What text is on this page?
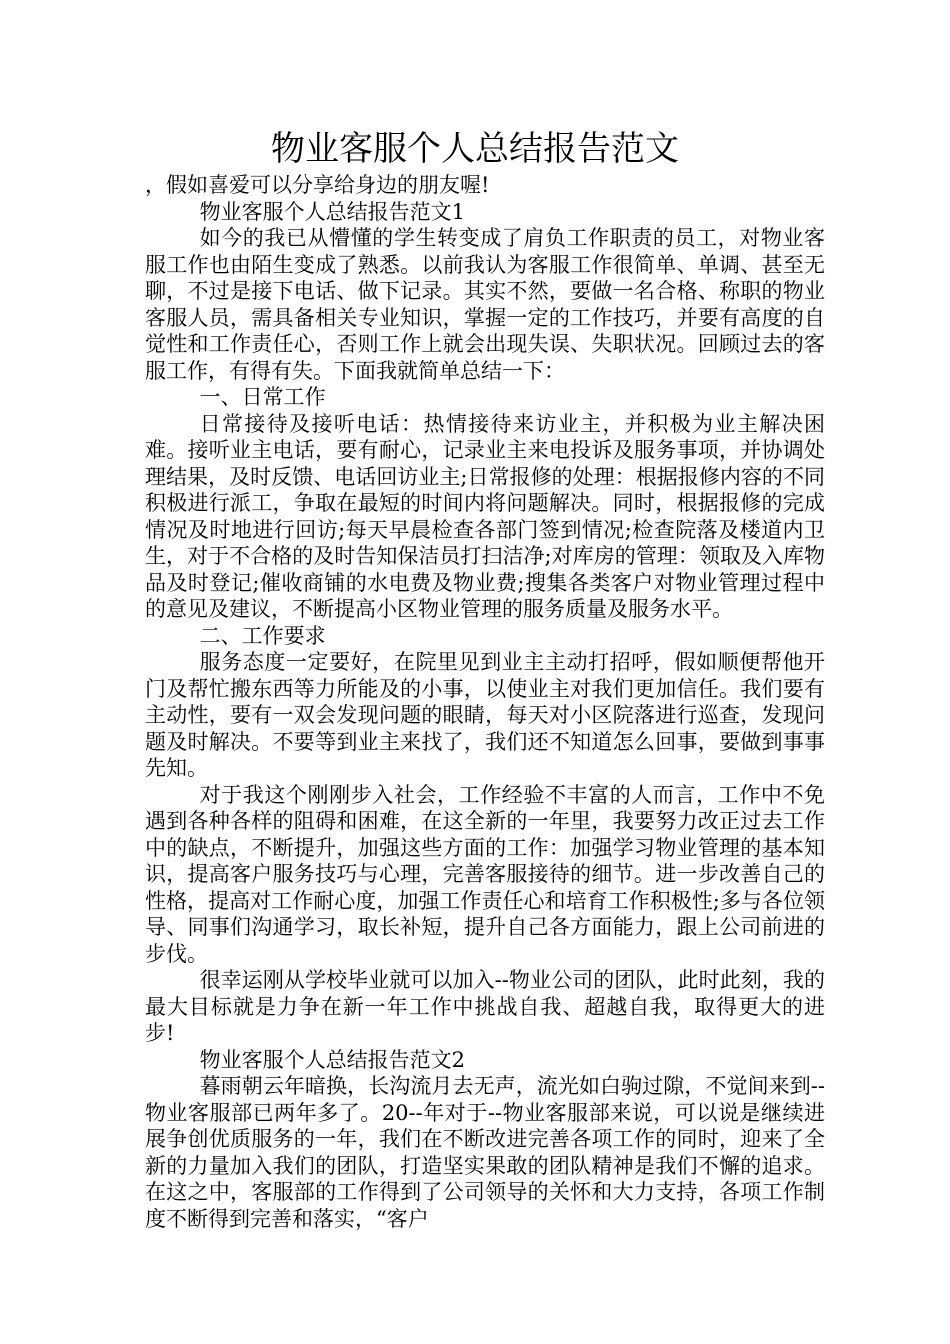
物业客服个人总结报告范文

，假如喜爱可以分享给身边的朋友喔!

物业客服个人总结报告范文1

如今的我已从懵懂的学生转变成了肩负工作职责的员工，对物业客服工作也由陌生变成了熟悉。以前我认为客服工作很简单、单调、甚至无聊，不过是接下电话、做下记录。其实不然，要做一名合格、称职的物业客服人员，需具备相关专业知识，掌握一定的工作技巧，并要有高度的自觉性和工作责任心，否则工作上就会出现失误、失职状况。回顾过去的客服工作，有得有失。下面我就简单总结一下：

一、日常工作

日常接待及接听电话：热情接待来访业主，并积极为业主解决困难。接听业主电话，要有耐心，记录业主来电投诉及服务事项，并协调处理结果，及时反馈、电话回访业主;日常报修的处理：根据报修内容的不同积极进行派工，争取在最短的时间内将问题解决。同时，根据报修的完成情况及时地进行回访;每天早晨检查各部门签到情况;检查院落及楼道内卫生，对于不合格的及时告知保洁员打扫洁净;对库房的管理：领取及入库物品及时登记;催收商铺的水电费及物业费;搜集各类客户对物业管理过程中的意见及建议，不断提高小区物业管理的服务质量及服务水平。

二、工作要求

服务态度一定要好，在院里见到业主主动打招呼，假如顺便帮他开门及帮忙搬东西等力所能及的小事，以使业主对我们更加信任。我们要有主动性，要有一双会发现问题的眼睛，每天对小区院落进行巡查，发现问题及时解决。不要等到业主来找了，我们还不知道怎么回事，要做到事事先知。

对于我这个刚刚步入社会，工作经验不丰富的人而言，工作中不免遇到各种各样的阻碍和困难，在这全新的一年里，我要努力改正过去工作中的缺点，不断提升，加强这些方面的工作：加强学习物业管理的基本知识，提高客户服务技巧与心理，完善客服接待的细节。进一步改善自己的性格，提高对工作耐心度，加强工作责任心和培育工作积极性;多与各位领导、同事们沟通学习，取长补短，提升自己各方面能力，跟上公司前进的步伐。

很幸运刚从学校毕业就可以加入--物业公司的团队，此时此刻，我的最大目标就是力争在新一年工作中挑战自我、超越自我，取得更大的进步!

物业客服个人总结报告范文2

暮雨朝云年暗换，长沟流月去无声，流光如白驹过隙，不觉间来到--物业客服部已两年多了。20--年对于--物业客服部来说，可以说是继续进展争创优质服务的一年，我们在不断改进完善各项工作的同时，迎来了全新的力量加入我们的团队，打造坚实果敢的团队精神是我们不懈的追求。在这之中，客服部的工作得到了公司领导的关怀和大力支持，各项工作制度不断得到完善和落实，“客户
